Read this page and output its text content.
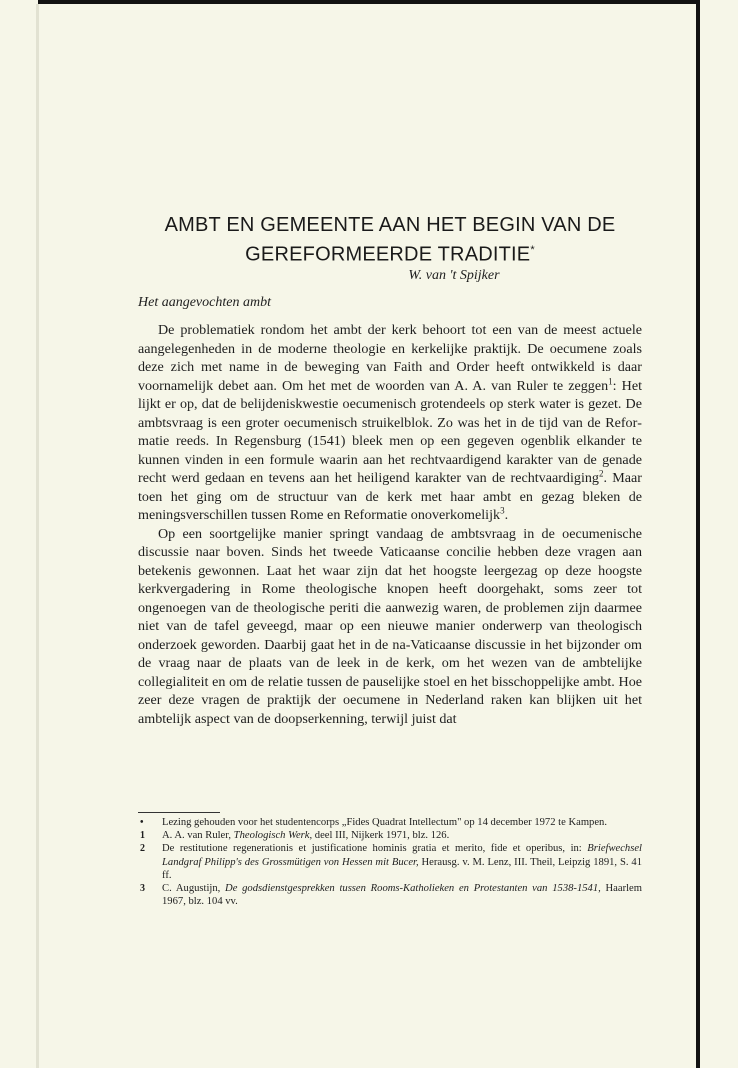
AMBT EN GEMEENTE AAN HET BEGIN VAN DE
GEREFORMEERDE TRADITIE*
W. van 't Spijker
Het aangevochten ambt

De problematiek rondom het ambt der kerk behoort tot een van de meest actuele aangelegenheden in de moderne theologie en kerkelijke praktijk. De oecumene zoals deze zich met name in de beweging van Faith and Order heeft ontwikkeld is daar voornamelijk debet aan. Om het met de woorden van A. A. van Ruler te zeggen$^1$: Het lijkt er op, dat de belijdeniskwestie oecumenisch grotendeels op sterk water is gezet. De ambtsvraag is een groter oecumenisch struikelblok. Zo was het in de tijd van de Reformatie reeds. In Regensburg (1541) bleek men op een gegeven ogenblik elkander te kunnen vinden in een formule waarin aan het rechtvaardigend karakter van de genade recht werd gedaan en tevens aan het heiligend karakter van de rechtvaardiging$^2$. Maar toen het ging om de structuur van de kerk met haar ambt en gezag bleken de meningsverschillen tussen Rome en Reformatie onoverkomelijk$^3$.

Op een soortgelijke manier springt vandaag de ambtsvraag in de oecumenische discussie naar boven. Sinds het tweede Vaticaanse concilie hebben deze vragen aan betekenis gewonnen. Laat het waar zijn dat het hoogste leergezag op deze hoogste kerkvergadering in Rome theologische knopen heeft doorgehakt, soms zeer tot ongenoegen van de theologische periti die aanwezig waren, de problemen zijn daarmee niet van de tafel geveegd, maar op een nieuwe manier onderwerp van theologisch onderzoek geworden. Daarbij gaat het in de na-Vaticaanse discussie in het bijzonder om de vraag naar de plaats van de leek in de kerk, om het wezen van de ambtelijke collegialiteit en om de relatie tussen de pauselijke stoel en het bisschoppelijke ambt. Hoe zeer deze vragen de praktijk der oecumene in Nederland raken kan blijken uit het ambtelijk aspect van de doopserkenning, terwijl juist dat

• Lezing gehouden voor het studentencorps „Fides Quadrat Intellectum" op 14 december 1972 te Kampen.
1 A. A. van Ruler, Theologisch Werk, deel III, Nijkerk 1971, blz. 126.
2 De restitutione regenerationis et justificatione hominis gratia et merito, fide et operibus, in: Briefwechsel Landgraf Philipp's des Grossmütigen von Hessen mit Bucer, Herausg. v. M. Lenz, III. Theil, Leipzig 1891, S. 41 ff.
3 C. Augustijn, De godsdienstgesprekken tussen Rooms-Katholieken en Protestanten van 1538-1541, Haarlem 1967, blz. 104 vv.
